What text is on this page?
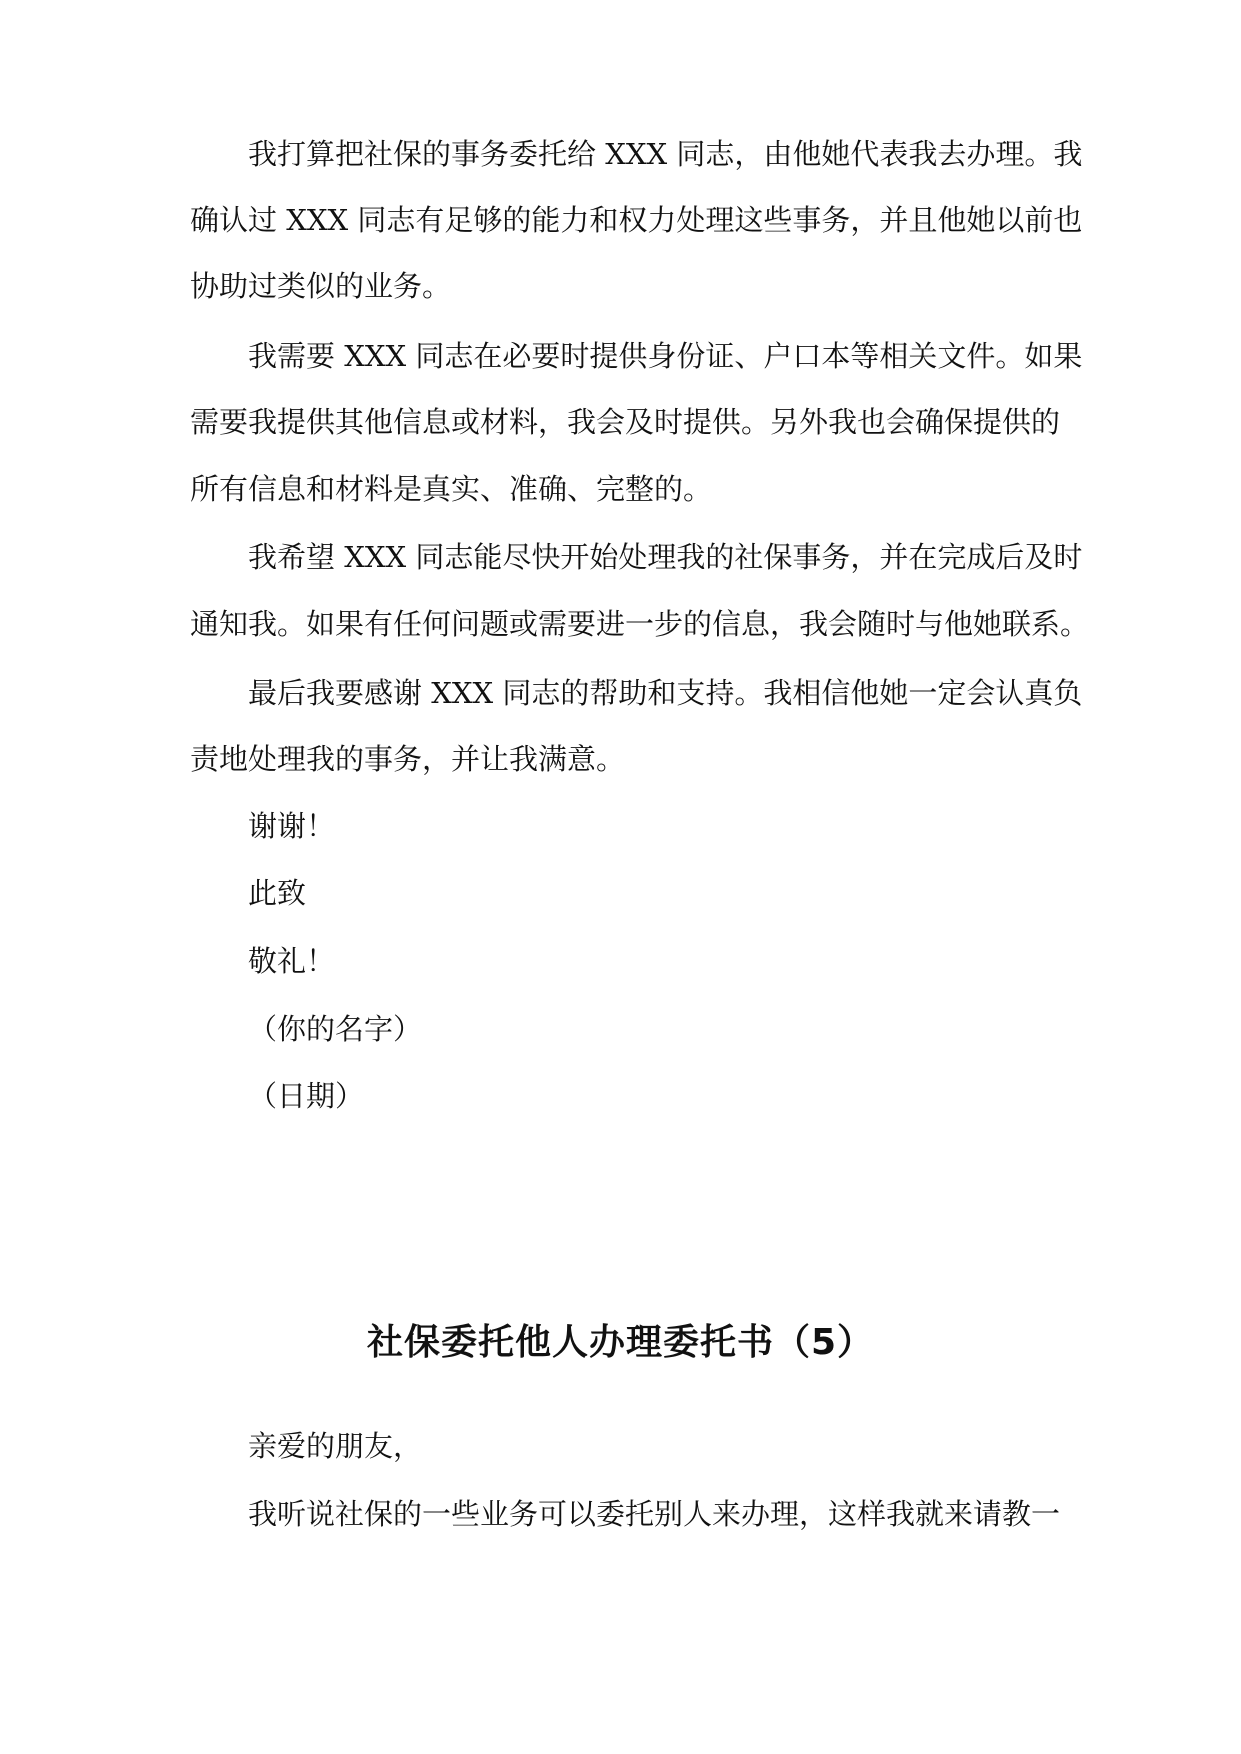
我打算把社保的事务委托给 XXX 同志，由他她代表我去办理。我
确认过 XXX 同志有足够的能力和权力处理这些事务，并且他她以前也
协助过类似的业务。
我需要 XXX 同志在必要时提供身份证、户口本等相关文件。如果
需要我提供其他信息或材料，我会及时提供。另外我也会确保提供的
所有信息和材料是真实、准确、完整的。
我希望 XXX 同志能尽快开始处理我的社保事务，并在完成后及时
通知我。如果有任何问题或需要进一步的信息，我会随时与他她联系。
最后我要感谢 XXX 同志的帮助和支持。我相信他她一定会认真负
责地处理我的事务，并让我满意。
谢谢！
此致
敬礼！
（你的名字）
（日期）
社保委托他人办理委托书（5）
亲爱的朋友，
我听说社保的一些业务可以委托别人来办理，这样我就来请教一
